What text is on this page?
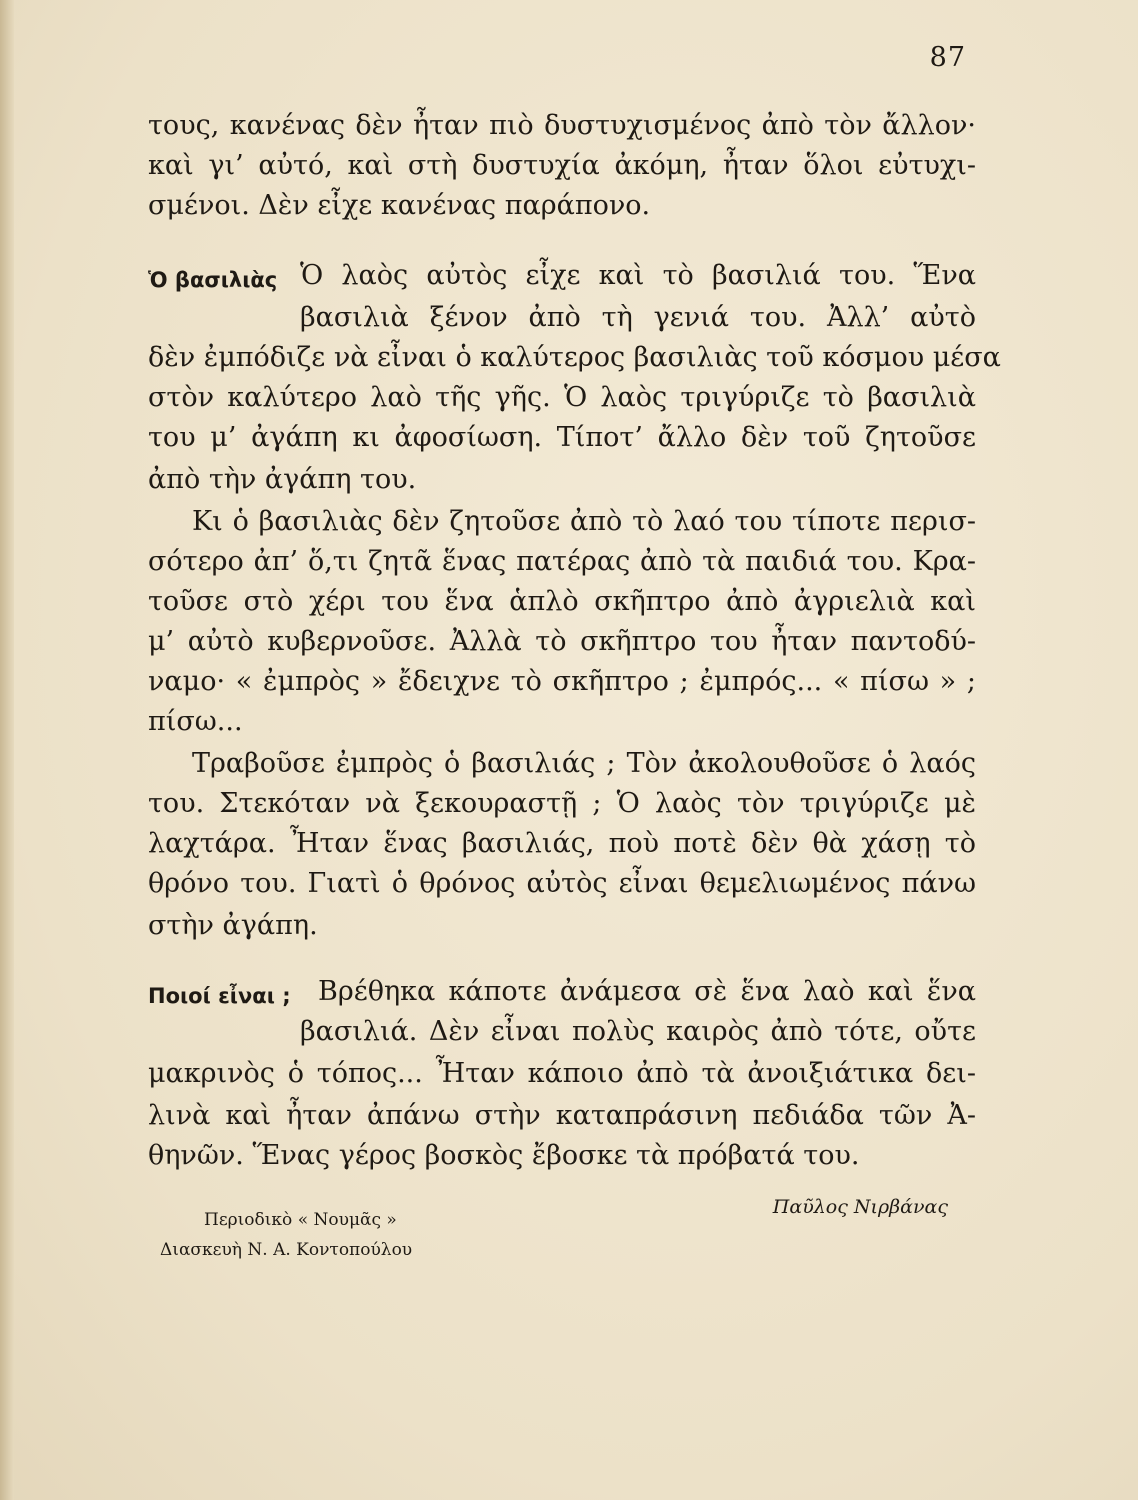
87
τους, κανένας δὲν ἦταν πιὸ δυστυχισμένος ἀπὸ τὸν ἄλλον·
καὶ γι’ αὐτό, καὶ στὴ δυστυχία ἀκόμη, ἦταν ὅλοι εὐτυχι-
σμένοι. Δὲν εἶχε κανένας παράπονο.
Ὁ βασιλιὰς Ὁ λαὸς αὐτὸς εἶχε καὶ τὸ βασιλιά του. Ἕνα
βασιλιὰ ξένον ἀπὸ τὴ γενιά του. Ἀλλ’ αὐτὸ
δὲν ἐμπόδιζε νὰ εἶναι ὁ καλύτερος βασιλιὰς τοῦ κόσμου μέσα
στὸν καλύτερο λαὸ τῆς γῆς. Ὁ λαὸς τριγύριζε τὸ βασιλιὰ
του μ’ ἀγάπη κι ἀφοσίωση. Τίποτ’ ἄλλο δὲν τοῦ ζητοῦσε
ἀπὸ τὴν ἀγάπη του.
Κι ὁ βασιλιὰς δὲν ζητοῦσε ἀπὸ τὸ λαό του τίποτε περισ-
σότερο ἀπ’ ὅ,τι ζητᾶ ἕνας πατέρας ἀπὸ τὰ παιδιά του. Κρα-
τοῦσε στὸ χέρι του ἕνα ἁπλὸ σκῆπτρο ἀπὸ ἀγριελιὰ καὶ
μ’ αὐτὸ κυβερνοῦσε. Ἀλλὰ τὸ σκῆπτρο του ἦταν παντοδύ-
ναμο· « ἐμπρὸς » ἔδειχνε τὸ σκῆπτρο ; ἐμπρός... « πίσω » ;
πίσω...
Τραβοῦσε ἐμπρὸς ὁ βασιλιάς ; Τὸν ἀκολουθοῦσε ὁ λαός
του. Στεκόταν νὰ ξεκουραστῇ ; Ὁ λαὸς τὸν τριγύριζε μὲ
λαχτάρα. Ἦταν ἕνας βασιλιάς, ποὺ ποτὲ δὲν θὰ χάσῃ τὸ
θρόνο του. Γιατὶ ὁ θρόνος αὐτὸς εἶναι θεμελιωμένος πάνω
στὴν ἀγάπη.
Ποιοί εἶναι ; Βρέθηκα κάποτε ἀνάμεσα σὲ ἕνα λαὸ καὶ ἕνα
βασιλιά. Δὲν εἶναι πολὺς καιρὸς ἀπὸ τότε, οὔτε
μακρινὸς ὁ τόπος... Ἦταν κάποιο ἀπὸ τὰ ἀνοιξιάτικα δει-
λινὰ καὶ ἦταν ἀπάνω στὴν καταπράσινη πεδιάδα τῶν Ἀ-
θηνῶν. Ἕνας γέρος βοσκὸς ἔβοσκε τὰ πρόβατά του.
Περιοδικὸ « Νουμᾶς »
Διασκευὴ Ν. Α. Κοντοπούλου
Παῦλος Νιρβάνας
